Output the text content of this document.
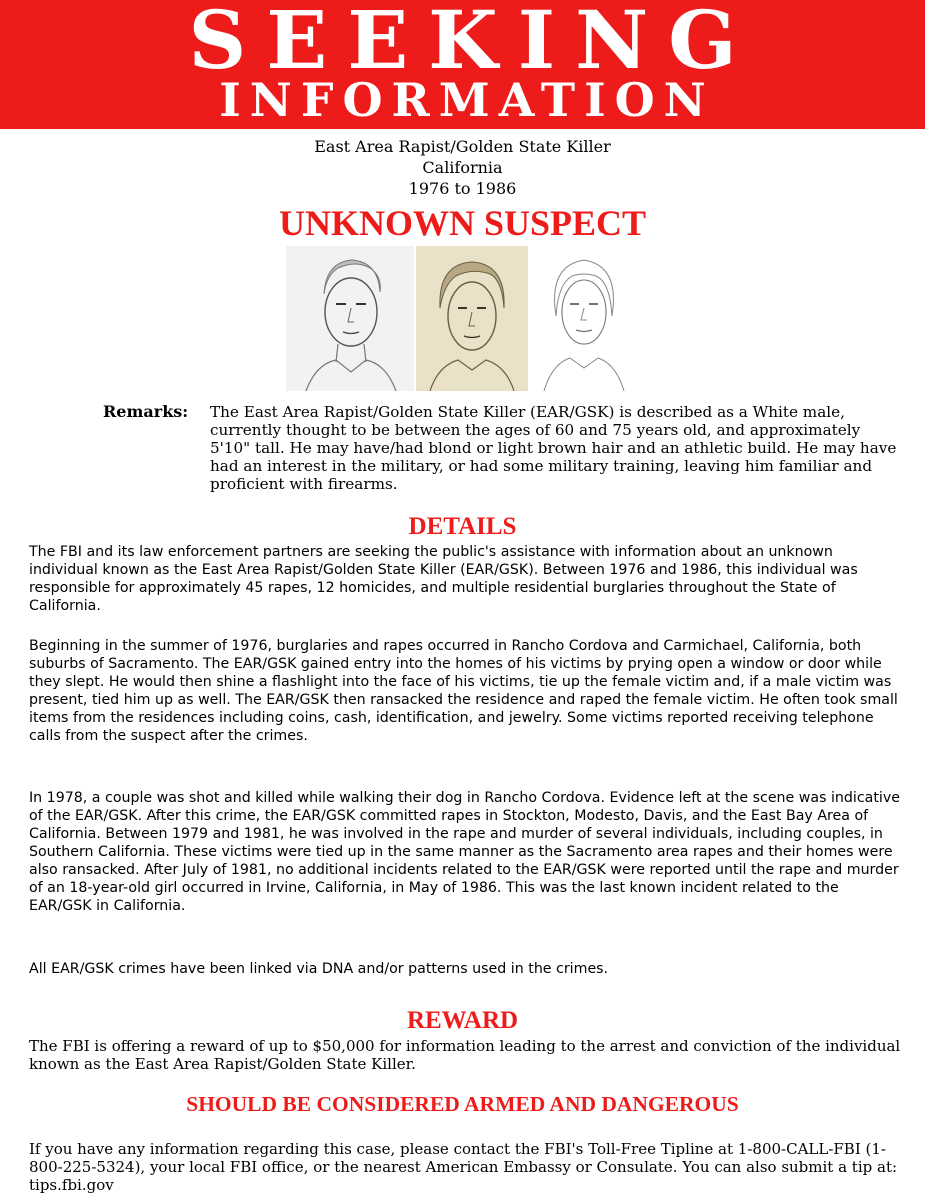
SEEKING
INFORMATION
East Area Rapist/Golden State Killer
California
1976 to 1986
UNKNOWN SUSPECT
Remarks: The East Area Rapist/Golden State Killer (EAR/GSK) is described as a White male, currently thought to be between the ages of 60 and 75 years old, and approximately 5'10" tall. He may have/had blond or light brown hair and an athletic build. He may have had an interest in the military, or had some military training, leaving him familiar and proficient with firearms.
DETAILS
The FBI and its law enforcement partners are seeking the public's assistance with information about an unknown individual known as the East Area Rapist/Golden State Killer (EAR/GSK). Between 1976 and 1986, this individual was responsible for approximately 45 rapes, 12 homicides, and multiple residential burglaries throughout the State of California.
Beginning in the summer of 1976, burglaries and rapes occurred in Rancho Cordova and Carmichael, California, both suburbs of Sacramento. The EAR/GSK gained entry into the homes of his victims by prying open a window or door while they slept. He would then shine a flashlight into the face of his victims, tie up the female victim and, if a male victim was present, tied him up as well. The EAR/GSK then ransacked the residence and raped the female victim. He often took small items from the residences including coins, cash, identification, and jewelry. Some victims reported receiving telephone calls from the suspect after the crimes.
In 1978, a couple was shot and killed while walking their dog in Rancho Cordova. Evidence left at the scene was indicative of the EAR/GSK. After this crime, the EAR/GSK committed rapes in Stockton, Modesto, Davis, and the East Bay Area of California. Between 1979 and 1981, he was involved in the rape and murder of several individuals, including couples, in Southern California. These victims were tied up in the same manner as the Sacramento area rapes and their homes were also ransacked. After July of 1981, no additional incidents related to the EAR/GSK were reported until the rape and murder of an 18-year-old girl occurred in Irvine, California, in May of 1986. This was the last known incident related to the EAR/GSK in California.
All EAR/GSK crimes have been linked via DNA and/or patterns used in the crimes.
REWARD
The FBI is offering a reward of up to $50,000 for information leading to the arrest and conviction of the individual known as the East Area Rapist/Golden State Killer.
SHOULD BE CONSIDERED ARMED AND DANGEROUS
If you have any information regarding this case, please contact the FBI's Toll-Free Tipline at 1-800-CALL-FBI (1-800-225-5324), your local FBI office, or the nearest American Embassy or Consulate. You can also submit a tip at: tips.fbi.gov
